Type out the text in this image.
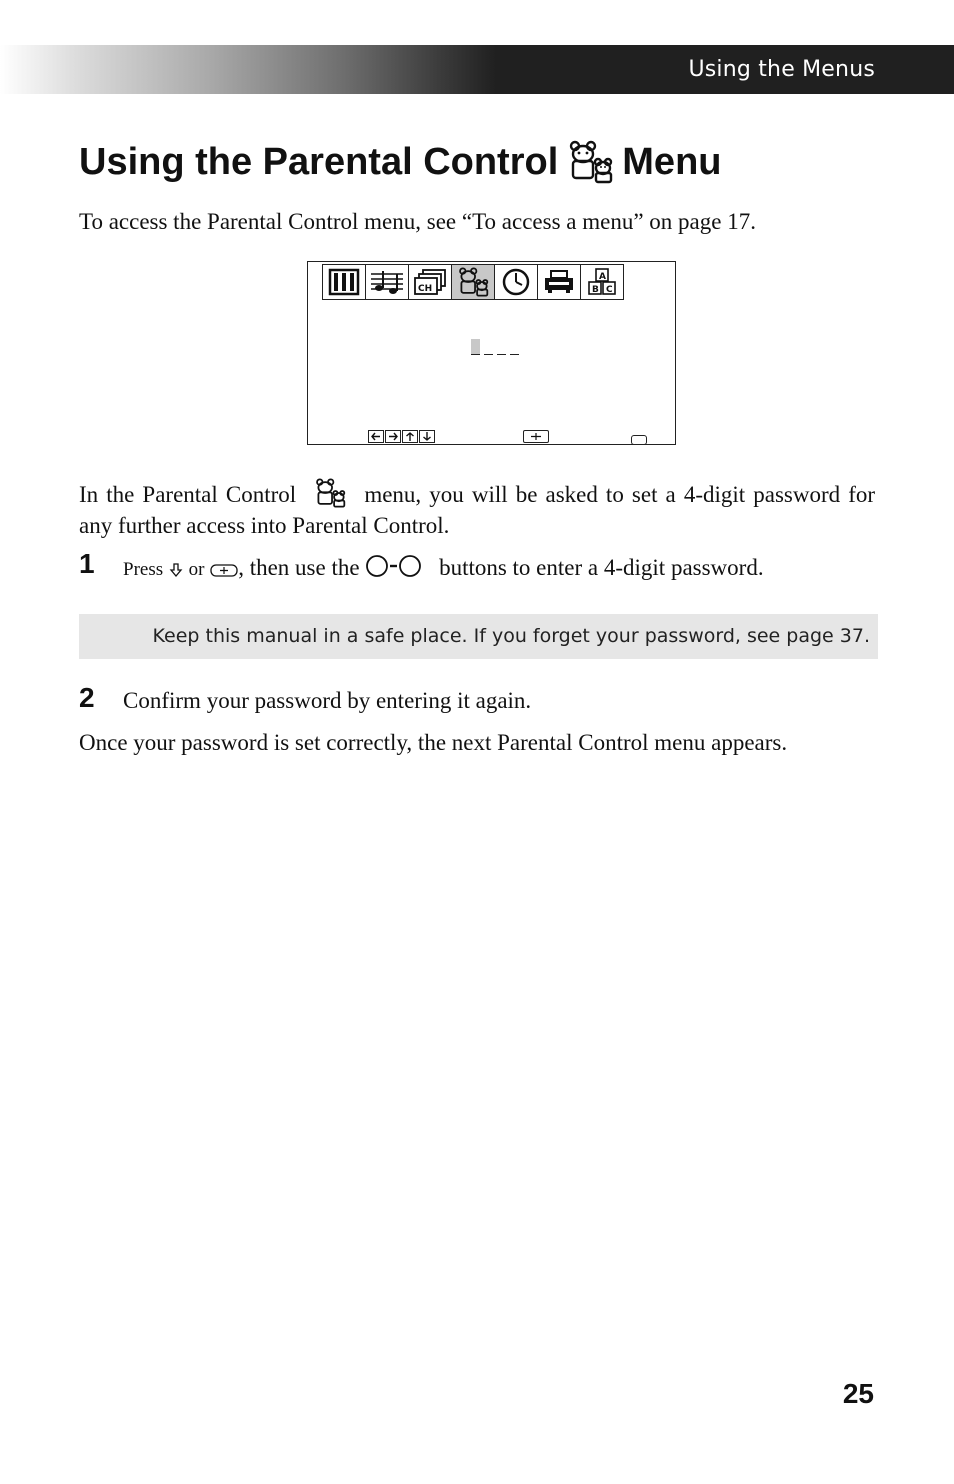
Using the Menus
Using the Parental Control Menu

To access the Parental Control menu, see “To access a menu” on page 17.

CH
A
B C

In the Parental Control	menu, you will be asked to set a 4-digit password for any further access into Parental Control.

1 Press or , then use the	buttons to enter a 4-digit password.
Keep this manual in a safe place. If you forget your password, see page 37.
2 Confirm your password by entering it again.

Once your password is set correctly, the next Parental Control menu appears.

25
